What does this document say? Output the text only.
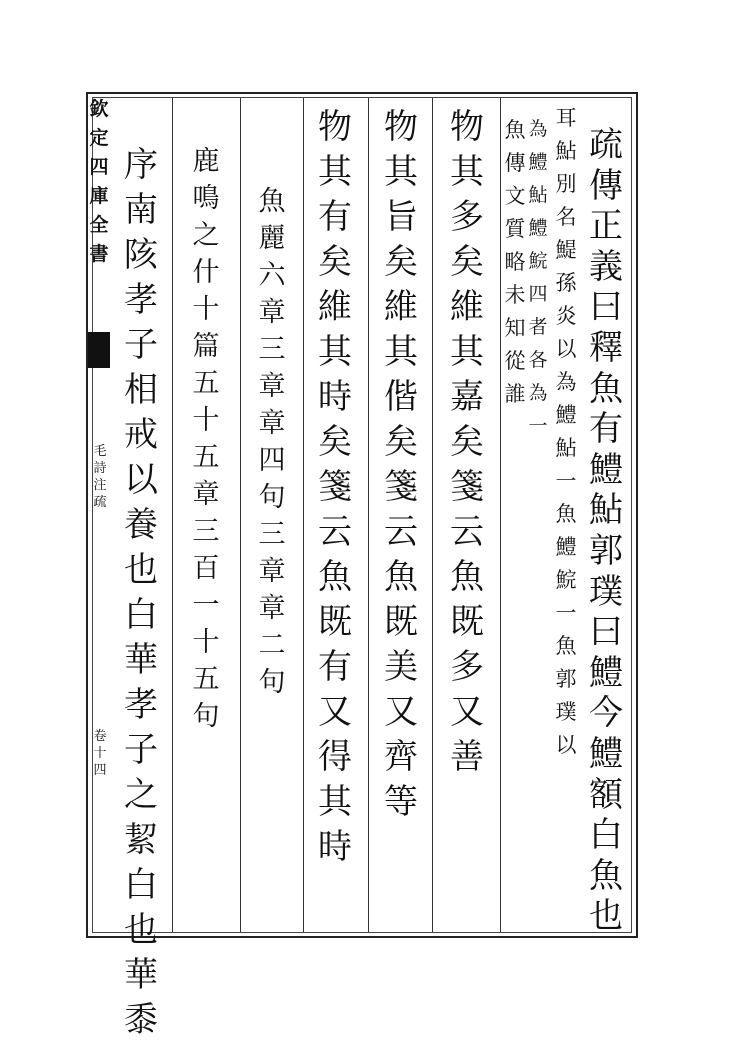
欽
定
四
庫
全
書
毛
詩
注
疏
卷
十
四
疏
傳
正
義
曰
釋
魚
有
鱧
鮎
郭
璞
曰
鱧
今
鱧
額
白
魚
也
耳
鮎
別
名
鯷
孫
炎
以
為
鱧
鮎
一
魚
鱧
鯇
一
魚
郭
璞
以
為
鱧
鮎
鱧
鯇
四
者
各
為
一
魚
傳
文
質
略
未
知
從
誰
物
其
多
矣
維
其
嘉
矣
箋
云
魚
既
多
又
善
物
其
旨
矣
維
其
偕
矣
箋
云
魚
既
美
又
齊
等
物
其
有
矣
維
其
時
矣
箋
云
魚
既
有
又
得
其
時
魚
麗
六
章
三
章
章
四
句
三
章
章
二
句
鹿
鳴
之
什
十
篇
五
十
五
章
三
百
一
十
五
句
序
南
陔
孝
子
相
戒
以
養
也
白
華
孝
子
之
絜
白
也
華
黍
